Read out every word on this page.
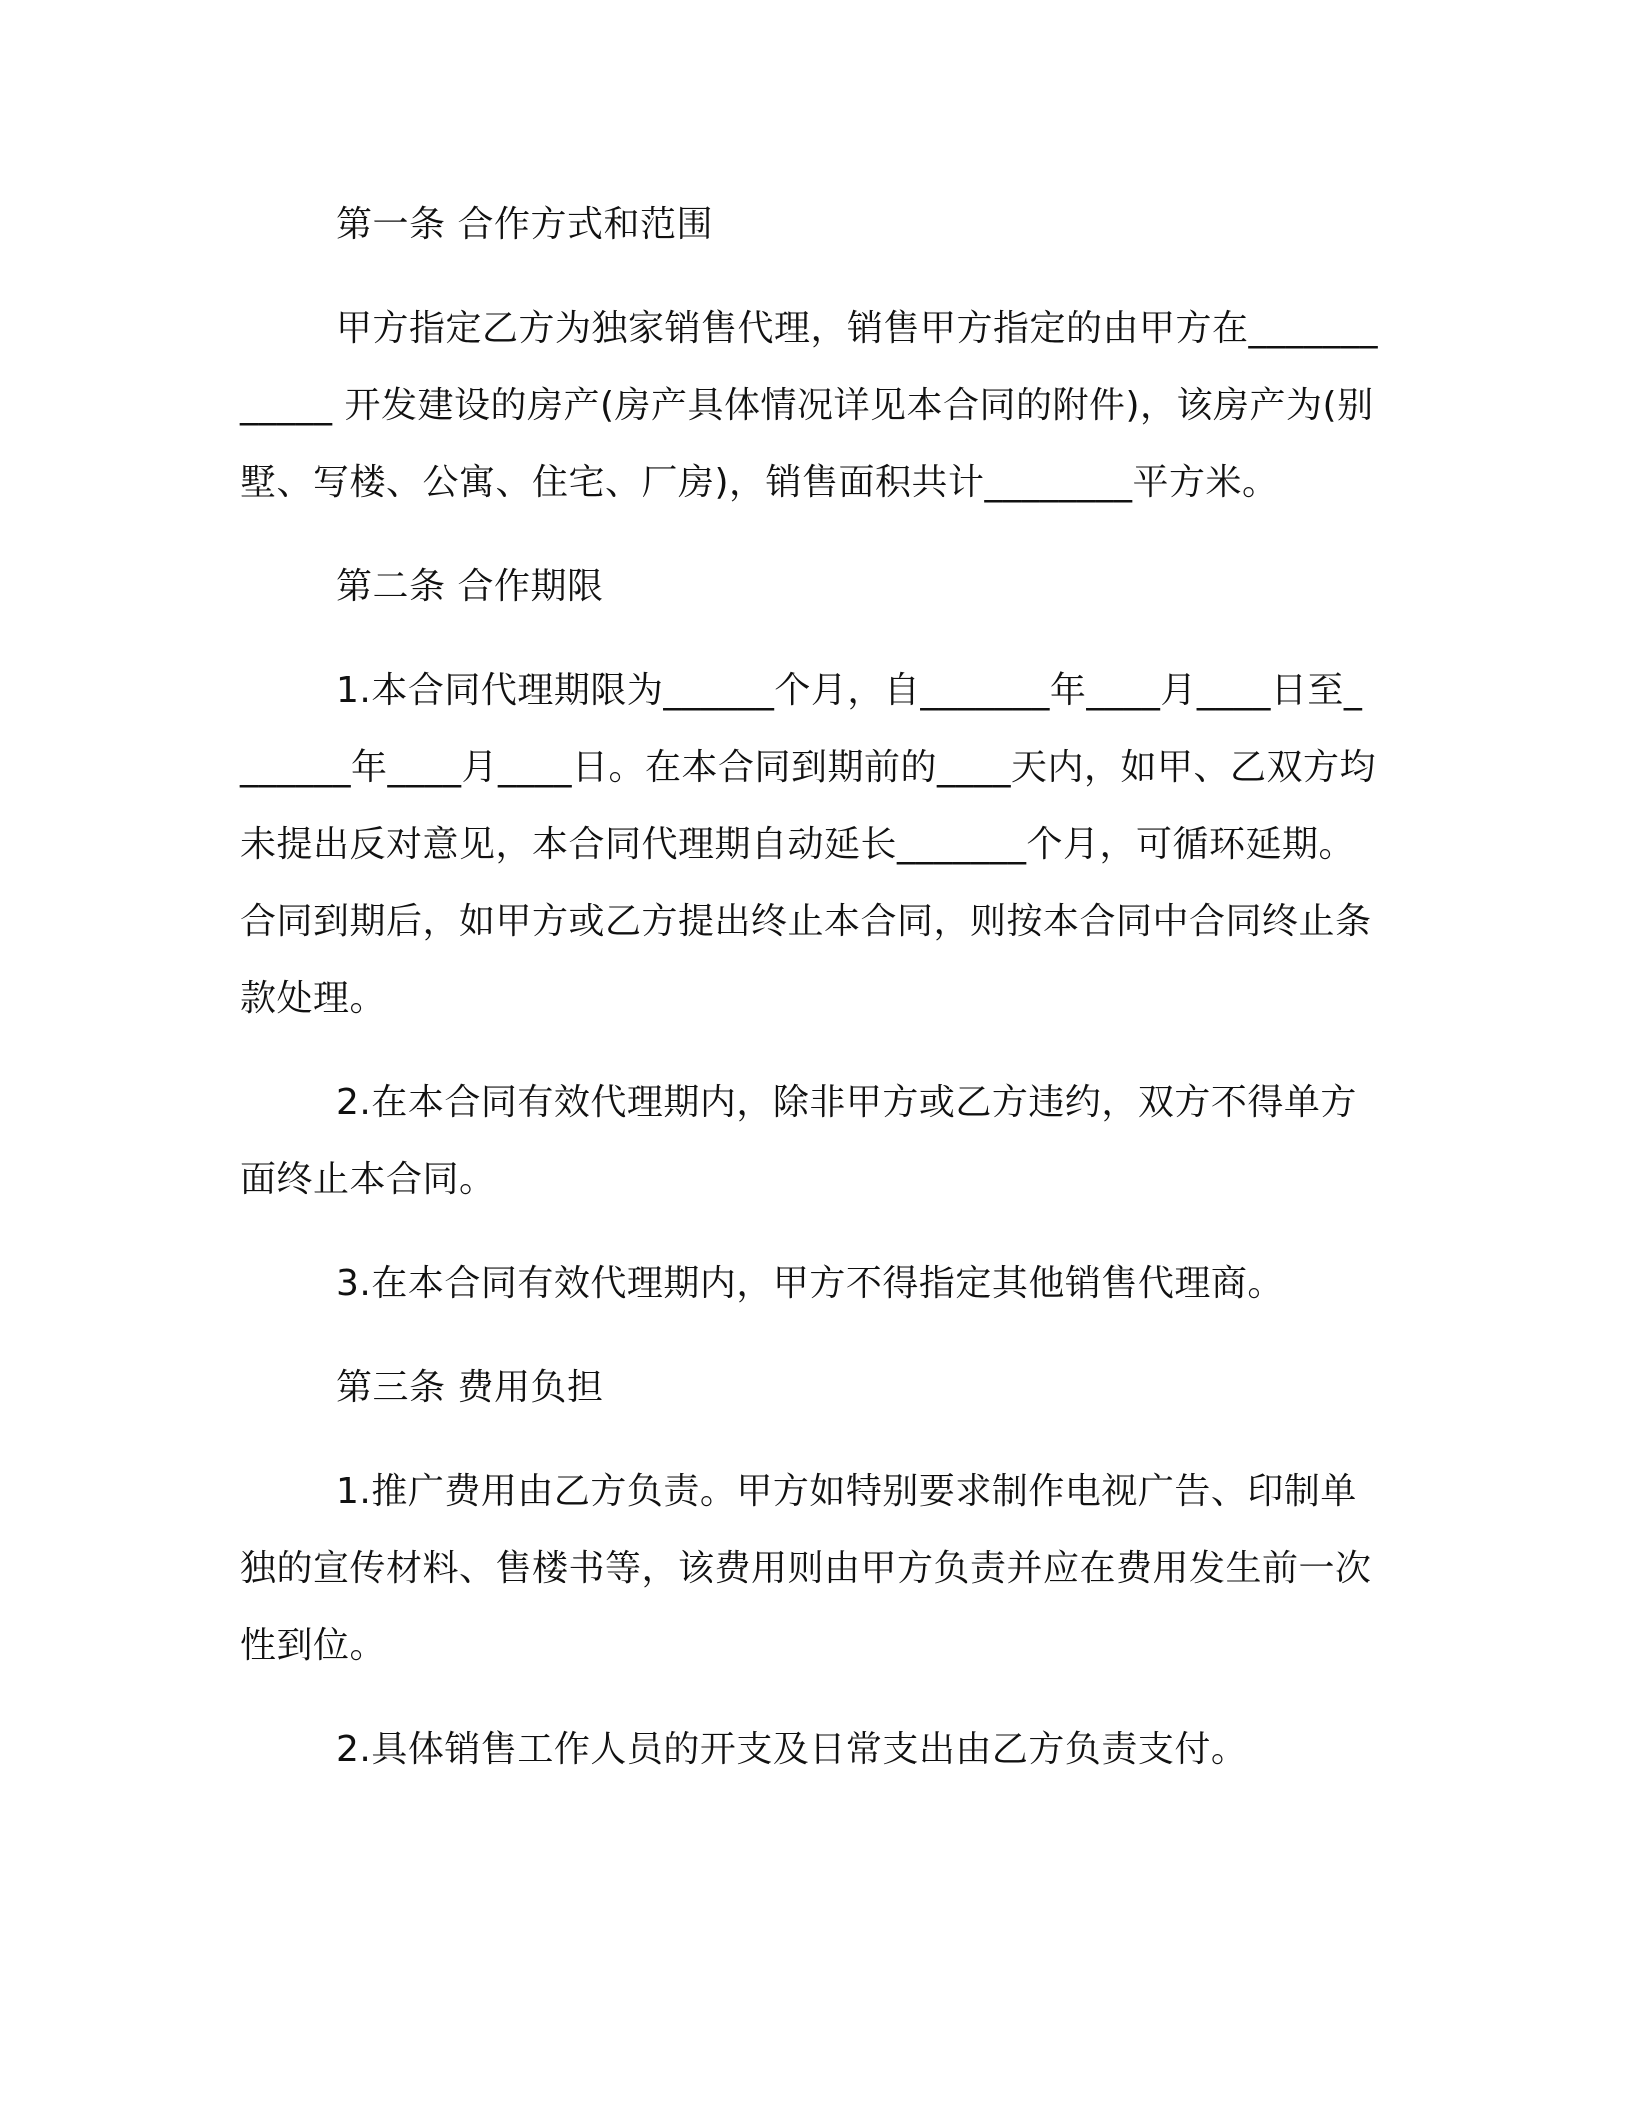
第一条 合作方式和范围

甲方指定乙方为独家销售代理，销售甲方指定的由甲方在____________ 开发建设的房产(房产具体情况详见本合同的附件)，该房产为(别墅、写楼、公寓、住宅、厂房)，销售面积共计________平方米。

第二条 合作期限

1.本合同代理期限为______个月，自_______年____月____日至_______年____月____日。在本合同到期前的____天内，如甲、乙双方均未提出反对意见，本合同代理期自动延长_______个月，可循环延期。合同到期后，如甲方或乙方提出终止本合同，则按本合同中合同终止条款处理。

2.在本合同有效代理期内，除非甲方或乙方违约，双方不得单方面终止本合同。

3.在本合同有效代理期内，甲方不得指定其他销售代理商。

第三条 费用负担

1.推广费用由乙方负责。甲方如特别要求制作电视广告、印制单独的宣传材料、售楼书等，该费用则由甲方负责并应在费用发生前一次性到位。

2.具体销售工作人员的开支及日常支出由乙方负责支付。
